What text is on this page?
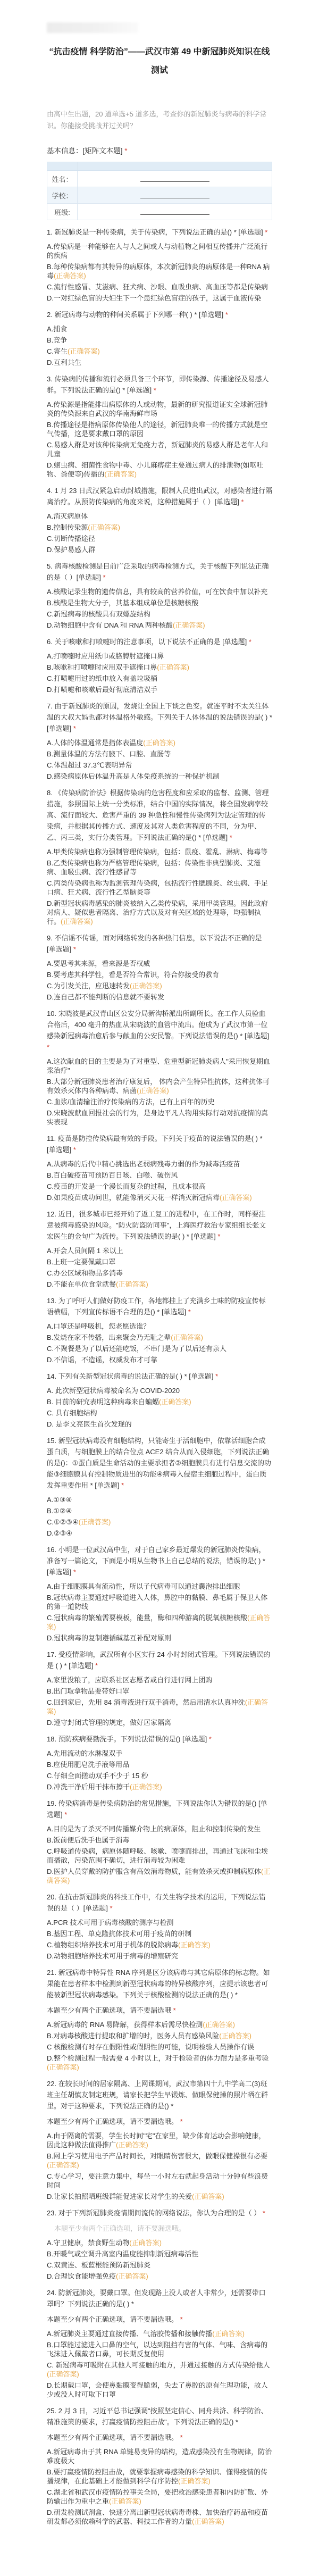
“抗击疫情 科学防治”——武汉市第 49 中新冠肺炎知识在线测试

由高中生出题，20 道单选+5 道多选，考查你的新冠肺炎与病毒的科学常识。你能接受挑战并过关吗？

基本信息：[矩阵文本题] *

姓名：	

学校：	

班级:	
1. 新冠肺炎是一种传染病，关于传染病，下列说法正确的是() * [单选题] *
A.传染病是一种能够在人与人之间或人与动植物之间相互传播并广泛流行的疾病
B.每种传染病都有其特异的病原体，本次新冠肺炎的病原体是一种RNA 病毒(正确答案)
C.流行性感冒、艾滋病、狂犬病、沙眼、血吸虫病、高血压等都是传染病
D.一对红绿色盲的夫妇生下一个患红绿色盲症的孩子，这属于血液传染
2. 新冠病毒与动物的种间关系属于下列哪一种( ) * [单选题] *
A.捕食
B.竞争
C.寄生(正确答案)
D.互利共生
3. 传染病的传播和流行必须具备三个环节，即传染源、传播途径及易感人群。下列说法正确的是() * [单选题] *
A.传染源是指能排出病原体的人或动物，最新的研究报道证实全球新冠肺炎的传染源来自武汉的华南海鲜市场
B.传播途径是指病原体传染他人的途径，新冠肺炎唯一的传播方式就是空气传播，这是要求戴口罩的原因
C.易感人群是对该种传染病无免疫力者，新冠肺炎的易感人群是老年人和儿童
D.蛔虫病、细菌性食物中毒、小儿麻痹症主要通过病人的排泄物(如呕吐物、粪便等)传播的(正确答案)
4. 1 月 23 日武汉紧急启动封城措施，限制人员进出武汉，对感染者进行隔离治疗。从预防传染病的角度来说，这种措施属于（ ）[单选题] *
A.消灭病原体
B.控制传染源(正确答案)
C.切断传播途径
D.保护易感人群
5. 病毒核酸检测是目前广泛采取的病毒检测方式，关于核酸下列说法正确的是（ ）[单选题] *
A.核酸记录生物的遗传信息，具有较高的营养价值，可在饮食中加以补充
B.核酸是生物大分子，其基本组成单位是核糖核酸
C.新冠病毒的核酸具有双螺旋结构
D.动物细胞中含有 DNA 和 RNA 两种核酸(正确答案)
6. 关于咳嗽和打喷嚏时的注意事项，以下说法不正确的是 [单选题] *
A.打喷嚏时应用纸巾或胳膊肘遮掩口鼻
B.咳嗽和打喷嚏时应用双手遮掩口鼻(正确答案)
C.打喷嚏用过的纸巾放入有盖垃圾桶
D.打喷嚏和咳嗽后最好彻底清洁双手
7. 由于新冠肺炎的原因，发烧让全国上下谈之色变。就连平时不太关注体温的大叔大妈也都对体温格外敏感。下列关于人体体温的说法错误的是( ) * [单选题] *
A.人体的体温通常是指体表温度(正确答案)
B.测量体温的方法有腋下、口腔、直肠等
C.体温超过 37.3℃表明异常
D.感染病原体后体温升高是人体免疫系统的一种保护机制
8. 《传染病防治法》根据传染病的危害程度和应采取的监督、监测、管理措施，参照国际上统一分类标准，结合中国的实际情况，将全国发病率较高、流行面较大、危害严重的 39 种急性和慢性传染病列为法定管理的传染病，并根据其传播方式、速度及其对人类危害程度的不同，分为甲、乙、丙三类，实行分类管理。下列说法正确的是() * [单选题] *
A.甲类传染病也称为强制管理传染病，包括：鼠疫、霍乱、淋病、梅毒等
B.乙类传染病也称为严格管理传染病，包括：传染性非典型肺炎、艾滋病、血吸虫病、流行性感冒等
C.丙类传染病也称为监测管理传染病，包括流行性腮腺炎、丝虫病、手足口病、狂犬病、流行性乙型脑炎等
D.新型冠状病毒感染的肺炎被纳入乙类传染病，采用甲类管理。因此政府对病人、疑似患者隔离、治疗方式以及对有关区域的处理等，均强制执行。(正确答案)
9. 不信谣不传谣，面对网络转发的各种热门信息，以下说法不正确的是 [单选题] *
A.要思考其来源，看来源是否权威
B.要考虑其科学性，看是否符合常识，符合你接受的教育
C.为引发关注，应迅速转发(正确答案)
D.连自己都不能判断的信息就不要转发
10. 宋晓波是武汉青山区公安分局新沟桥派出所副所长。在工作人员验血合格后，400 毫升的热血从宋晓波的血管中流出。他成为了武汉市第一位感染新冠病毒治愈后参与献血的公安民警。下列说法错误的是() * [单选题] *
A.这次献血的目的主要是为了对重型、危重型新冠肺炎病人"采用恢复期血浆治疗"
B.大部分新冠肺炎患者治疗康复后， 体内会产生特异性抗体，这种抗体可有效杀灭体内各种病毒、病菌(正确答案)
C.血浆/血清输注治疗传染病的方法，已有上百年的历史
D.宋晓波献血回报社会的行为，是身边平凡人物用实际行动对抗疫情的真实表现
11. 疫苗是防控传染病最有效的手段。下列关于疫苗的说法错误的是( ) * [单选题] *
A.从病毒的后代中精心挑选出老弱病残毒力弱的作为减毒活疫苗
B.百白破疫苗可预防百日咳、白喉、破伤风
C.疫苗的开发是一个漫长而复杂的过程，且成本很高
D.如果疫苗成功问世，就能像消灭天花一样消灭新冠病毒(正确答案)
12. 近日，很多城市已经开始了返工复工的进程中，在工作时，同样要注意被病毒感染的风险。"防火防盗防同事"，上海医疗救治专家组组长张文宏医生的金句广为流传。下列说法错误的是( ) * [单选题] *
A.开会人员间隔 1 米以上
B.上班一定要佩戴口罩
C.办公区域和物品多消毒
D.不能在单位食堂就餐(正确答案)
13. 为了呼吁人们做好防疫工作，各地都挂上了充满乡土味的防疫宣传标语横幅，下列宣传标语不合理的是() * [单选题] *
A.口罩还是呼吸机，您老愿选谁？
B.发烧在家不传播，出来聚会乃无耻之辈(正确答案)
C.不聚餐是为了以后还能吃饭，不串门是为了以后还有亲人
D.不信谣，不造谣，权威发布才可靠
14. 下列有关新型冠状病毒的说法正确的是( ) * [单选题] *
A. 此次新型冠状病毒被命名为 COVID-2020
B. 目前的研究表明这种病毒来自蝙蝠(正确答案)
C. 具有细胞结构
D. 是李文亮医生首次发现的
15. 新型冠状病毒没有细胞结构，只能寄生于活细胞中，依靠活细胞合成蛋白质，与细胞膜上的结合位点 ACE2 结合从而入侵细胞，下列说法正确的是()：①蛋白质是生命活动的主要承担者②细胞膜具有进行信息交流的功能③细胞膜具有控制物质进出的功能④病毒入侵宿主细胞过程中，蛋白质发挥重要作用 * [单选题] *
A.①③④
B.①②④
C.①②③④(正确答案)
D.②③④
16. 小明是一位武汉高中生，对于自己家乡最近爆发的新冠肺炎传染病，准备写一篇论文，下面是小明从生物书上自己总结的说法，错误的是( ) * [单选题] *
A.由于细胞膜具有流动性，所以子代病毒可以通过囊泡排出细胞
B.冠状病毒主要通过呼吸道进入人体，鼻腔中的黏膜、鼻毛属于保卫人体的第一道防线
C.冠状病毒的繁殖需要模板，能量，酶和四种游离的脱氧核糖核酸(正确答案)
D.冠状病毒的复制遵循碱基互补配对原则
17. 受疫情影响，武汉所有小区实行 24 小时封闭式管理。下列说法错误的是 ( ) * [单选题] *
A.家里没粮了，应联系社区志愿者或自行进行网上团购
B.出门取拿物品要带好口罩
C.回到家后，先用 84 消毒液进行双手消毒，然后用清水认真冲洗(正确答案)
D.遵守封闭式管理的规定，做好居家隔离
18. 预防疾病要勤洗手。下列说法错误的是() [单选题] *
A.先用流动的水淋湿双手
B.应使用肥皂洗手液等用品
C.仔细全面搓动双手不少于 15 秒
D.冲洗干净后用干抹布擦干(正确答案)
19. 传染病消毒是传染病防治的常见措施，下列说法你认为错误的是() [单选题] *
A.目的是为了杀灭不同传播媒介物上的病原体，阻止和控制传染的发生
B.饭前便后洗手也属于消毒
C.呼吸道传染病，病原体随呼吸、咳嗽、喷嚏而排出，再通过飞沫和尘埃而播散，污染范围不确切，进行消毒较为困难
D.医护人员穿戴的防护服含有高效消毒物质，能有效杀灭或抑制病原体(正确答案)
20. 在抗击新冠肺炎的科技工作中，有关生物学技术的运用，下列说法错误的是（ ）[单选题] *
A.PCR 技术可用于病毒核酸的测序与检测
B.基因工程、单克隆抗体技术可用于疫苗的研制
C.植物组织培养技术可用于机体的脱除病毒(正确答案)
D.动物细胞培养技术可用于病毒的增殖研究
21. 新冠病毒中特异性 RNA 序列是区分该病毒与其它病原体的标志物。如果能在患者样本中检测到新型冠状病毒的特异核酸序列，应提示该患者可能被新型冠状病毒感染。下列关于核酸检测的说法正确的是( ) *
本题至少有两个正确选项，请不要漏选哦 *
A.新冠病毒的 RNA 易降解，获得样本后需尽快检测(正确答案)
B.对病毒核酸进行提取和扩增的时，医务人员有感染风险(正确答案)
C 核酸检测有时存在假阳性或假阴性的可能，说明检验人员操作有误
D.整个检测过程一般需要 4 小时以上，对于检验者的体力耐力是多重考验(正确答案)
22. 在较长时间的居家隔离、上网课期间，武汉市第四十九中学高二(3)班班主任胡慎友制定班规，请家长把学生早锻炼、做眼保健操的照片晒在群里。对于这种要求，下列说法正确的是() *
本题至少有两个正确选项，请不要漏选哦。 *
A.由于隔离的需要，学生长时间"宅"在家里，缺少体育运动会影响健康，因此这种做法值得推广(正确答案)
B.网上学习使用电子产品时间长，对眼睛伤害很大，做眼保健操很有必要(正确答案)
C.专心学习，要注意力集中，每坐一小时左右就起身活动十分钟有些浪费时间
D.让家长拍照晒班级群能促进家长对学生的关爱(正确答案)
23. 对于下列新冠肺炎疫情期间流传的网络说法，你认为合理的是（ ） *
本题至少有两个正确选项，请不要漏选哦。
A.守卫健康，禁食野生动物(正确答案)
B.开暖气或空调升高室内温度能抑制新冠病毒活性
C.双黄连、板蓝根能预防新冠肺炎
D.合理饮食能增强免疫(正确答案)
24. 防新冠肺炎，要戴口罩。但发现路上没人或者人非常少，还需要带口罩吗？下列说法正确的是( ) *
本题至少有两个正确选项，请不要漏选哦。 *
A.新冠肺炎主要通过直接传播、气溶胶传播和接触传播(正确答案)
B.口罩能过滤进入口鼻的空气，以达到阻挡有害的气体、气味、含病毒的飞沫进入佩戴者口鼻，可长期反复使用
C. 新冠病毒可吸附在其他人可接触的地方，并通过接触的方式传染给他人(正确答案)
D.长期戴口罩，会使鼻黏膜变得脆弱，失去了鼻腔的原有生理功能，故人少或没人时可取下口罩
25. 2 月 3 日，习近平总书记强调"按照坚定信心、同舟共济、科学防治、精准施策的要求，打赢疫情防控阻击战"。下列说法正确的是() *
本题至少有两个正确选项，请不要漏选哦。 *
A.新冠病毒由于其 RNA 单链易变异的结构，造成感染没有生物规律，防治难度极大
B.要打赢疫情防控阻击战，就要掌握病毒感染的科学知识、懂得疫情的传播规律，在此基础上才能做到科学有序防控(正确答案)
C.湖北省和武汉市疫情防控事关全局，要把救治感染患者和内防扩散、外防输出作为重中之重(正确答案)
D.研发检测试剂盒、快速分离出新型冠状病毒毒株、加快治疗药品和疫苗研发都必须依赖科学的武器、科技工作者的力量(正确答案)
